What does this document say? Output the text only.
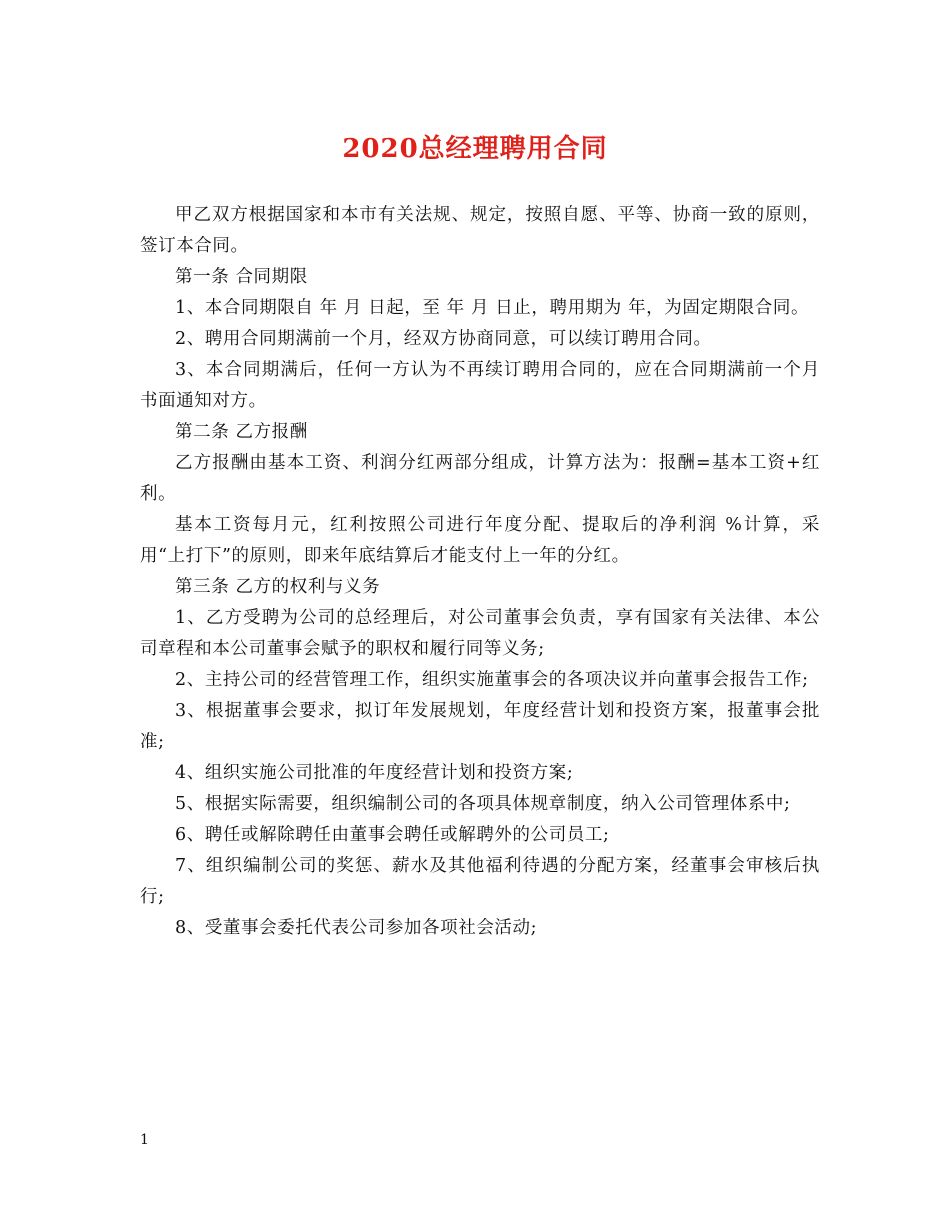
2020总经理聘用合同

甲乙双方根据国家和本市有关法规、规定，按照自愿、平等、协商一致的原则，签订本合同。

第一条 合同期限

1、本合同期限自 年 月 日起，至 年 月 日止，聘用期为 年，为固定期限合同。

2、聘用合同期满前一个月，经双方协商同意，可以续订聘用合同。

3、本合同期满后，任何一方认为不再续订聘用合同的，应在合同期满前一个月书面通知对方。

第二条 乙方报酬

乙方报酬由基本工资、利润分红两部分组成，计算方法为：报酬=基本工资+红利。

基本工资每月元，红利按照公司进行年度分配、提取后的净利润 %计算，采用“上打下”的原则，即来年底结算后才能支付上一年的分红。

第三条 乙方的权利与义务

1、乙方受聘为公司的总经理后，对公司董事会负责，享有国家有关法律、本公司章程和本公司董事会赋予的职权和履行同等义务;

2、主持公司的经营管理工作，组织实施董事会的各项决议并向董事会报告工作;

3、根据董事会要求，拟订年发展规划，年度经营计划和投资方案，报董事会批准;

4、组织实施公司批准的年度经营计划和投资方案;

5、根据实际需要，组织编制公司的各项具体规章制度，纳入公司管理体系中;

6、聘任或解除聘任由董事会聘任或解聘外的公司员工;

7、组织编制公司的奖惩、薪水及其他福利待遇的分配方案，经董事会审核后执行;

8、受董事会委托代表公司参加各项社会活动;

1
